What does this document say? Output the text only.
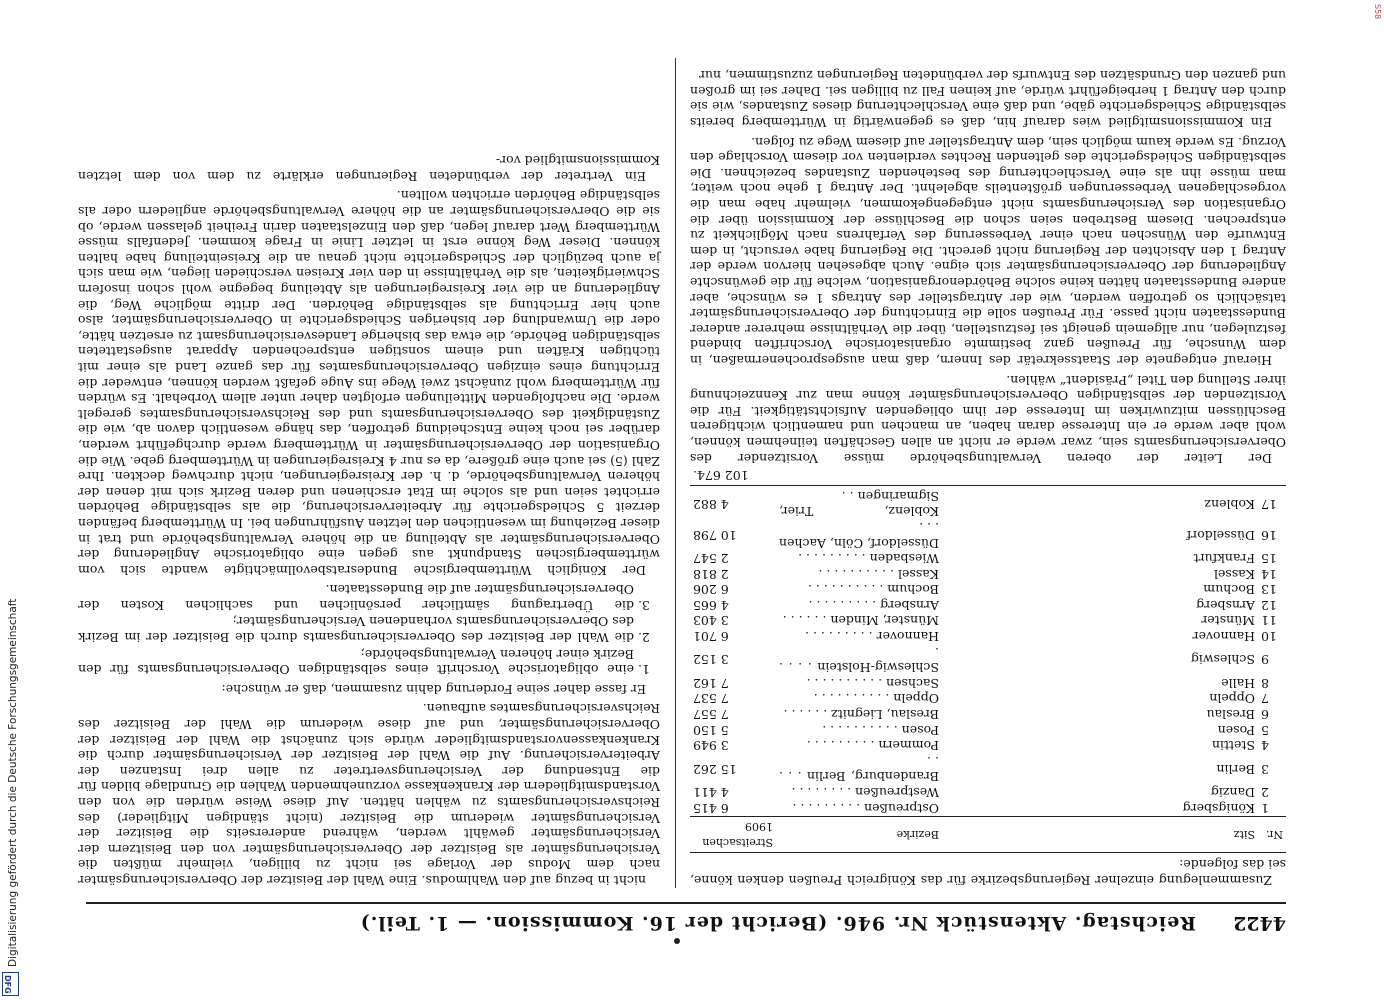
Digitalisierung gefördert durch die Deutsche Forschungsgemeinschaft
DFG
S58
4422
Reichstag. Aktenstück Nr. 946. (Bericht der 16. Kommission. — 1. Teil.)

Zusammenlegung einzelner Regierungsbezirke für das Königreich Preußen denken könne, sei das folgende:

Nr.	Sitz	Bezirke	Streitsachen 1909
1	Königsberg	Ostpreußen . . . . . . . . .	6 415
2	Danzig	Westpreußen . . . . . . . .	4 411
3	Berlin	Brandenburg, Berlin . . . . .	15 262
4	Stettin	Pommern . . . . . . . . .	3 949
5	Posen	Posen . . . . . . . . . .	5 150
6	Breslau	Breslau, Liegnitz . . . . . .	7 557
7	Oppeln	Oppeln . . . . . . . . . .	7 537
8	Halle	Sachsen . . . . . . . . . .	7 162
9	Schleswig	Schleswig-Holstein . . . . .	3 152
10	Hannover	Hannover . . . . . . . . .	6 701
11	Münster	Münster, Minden . . . . . .	3 403
12	Arnsberg	Arnsberg . . . . . . . . .	4 665
13	Bochum	Bochum . . . . . . . . . .	6 206
14	Kassel	Kassel . . . . . . . . . .	2 818
15	Frankfurt	Wiesbaden . . . . . . . . .	2 547
16	Düsseldorf	Düsseldorf, Cöln, Aachen . . .	10 798
17	Koblenz	Koblenz, Trier, Sigmaringen . .	4 882
102 674.

Der Leiter der oberen Verwaltungsbehörde müsse Vorsitzender des Oberversicherungsamts sein, zwar werde er nicht an allen Geschäften teilnehmen können, wohl aber werde er ein Interesse daran haben, an manchen und namentlich wichtigeren Beschlüssen mitzuwirken im Interesse der ihm obliegenden Aufsichtstätigkeit. Für die Vorsitzenden der selbständigen Oberversicherungsämter könne man zur Kennzeichnung ihrer Stellung den Titel „Präsident“ wählen.

Hierauf entgegnete der Staatssekretär des Innern, daß man ausgesprochenermaßen, in dem Wunsche, für Preußen ganz bestimmte organisatorische Vorschriften bindend festzulegen, nur allgemein geneigt sei festzustellen, über die Verhältnisse mehrerer anderer Bundesstaaten nicht passe. Für Preußen solle die Einrichtung der Oberversicherungsämter tatsächlich so getroffen werden, wie der Antragsteller des Antrags 1 es wünsche, aber andere Bundesstaaten hätten keine solche Behördenorganisation, welche für die gewünschte Angliederung der Oberversicherungsämter sich eigne. Auch abgesehen hiervon werde der Antrag 1 den Absichten der Regierung nicht gerecht. Die Regierung habe versucht, in dem Entwurfe den Wünschen nach einer Verbesserung des Verfahrens nach Möglichkeit zu entsprechen. Diesem Bestreben seien schon die Beschlüsse der Kommission über die Organisation des Versicherungsamts nicht entgegengekommen, vielmehr habe man die vorgeschlagenen Verbesserungen größtenteils abgelehnt. Der Antrag 1 gehe noch weiter, man müsse ihn als eine Verschlechterung des bestehenden Zustandes bezeichnen. Die selbständigen Schiedsgerichte des geltenden Rechtes verdienten vor diesem Vorschlage den Vorzug. Es werde kaum möglich sein, dem Antragsteller auf diesem Wege zu folgen.

Ein Kommissionsmitglied wies darauf hin, daß es gegenwärtig in Württemberg bereits selbständige Schiedsgerichte gäbe, und daß eine Verschlechterung dieses Zustandes, wie sie durch den Antrag 1 herbeigeführt würde, auf keinen Fall zu billigen sei. Daher sei im großen und ganzen den Grundsätzen des Entwurfs der verbündeten Regierungen zuzustimmen, nur

nicht in bezug auf den Wahlmodus. Eine Wahl der Beisitzer der Oberversicherungsämter nach dem Modus der Vorlage sei nicht zu billigen, vielmehr müßten die Versicherungsämter als Beisitzer der Oberversicherungsämter von den Beisitzern der Versicherungsämter gewählt werden, während andererseits die Beisitzer der Versicherungsämter wiederum die Beisitzer (nicht ständigen Mitglieder) des Reichsversicherungsamts zu wählen hätten. Auf diese Weise würden die von den Vorstandsmitgliedern der Krankenkasse vorzunehmenden Wahlen die Grundlage bilden für die Entsendung der Versicherungsvertreter zu allen drei Instanzen der Arbeiterversicherung. Auf die Wahl der Beisitzer der Versicherungsämter durch die Krankenkassenvorstandsmitglieder würde sich zunächst die Wahl der Beisitzer der Oberversicherungsämter, und auf diese wiederum die Wahl der Beisitzer des Reichsversicherungsamtes aufbauen.

Er fasse daher seine Forderung dahin zusammen, daß er wünsche:

1. eine obligatorische Vorschrift eines selbständigen Oberversicherungsamts für den Bezirk einer höheren Verwaltungsbehörde;
2. die Wahl der Beisitzer des Oberversicherungsamts durch die Beisitzer der im Bezirk des Oberversicherungsamts vorhandenen Versicherungsämter;
3. die Übertragung sämtlicher persönlichen und sachlichen Kosten der Oberversicherungsämter auf die Bundesstaaten.

Der Königlich Württembergische Bundesratsbevollmächtigte wandte sich vom württembergischen Standpunkt aus gegen eine obligatorische Angliederung der Oberversicherungsämter als Abteilung an die höhere Verwaltungsbehörde und trat in dieser Beziehung im wesentlichen den letzten Ausführungen bei. In Württemberg befänden derzeit 5 Schiedsgerichte für Arbeiterversicherung, die als selbständige Behörden errichtet seien und als solche im Etat erschienen und deren Bezirk sich mit denen der höheren Verwaltungsbehörde, d. h. der Kreisregierungen, nicht durchweg deckten. Ihre Zahl (5) sei auch eine größere, da es nur 4 Kreisregierungen in Württemberg gebe. Wie die Organisation der Oberversicherungsämter in Württemberg werde durchgeführt werden, darüber sei noch keine Entscheidung getroffen, das hänge wesentlich davon ab, wie die Zuständigkeit des Oberversicherungsamts und des Reichsversicherungsamtes geregelt werde. Die nachfolgenden Mitteilungen erfolgten daher unter allem Vorbehalt. Es würden für Württemberg wohl zunächst zwei Wege ins Auge gefaßt werden können, entweder die Errichtung eines einzigen Oberversicherungsamtes für das ganze Land als einer mit tüchtigen Kräften und einem sonstigen entsprechenden Apparat ausgestatteten selbständigen Behörde, die etwa das bisherige Landesversicherungsamt zu ersetzen hätte, oder die Umwandlung der bisherigen Schiedsgerichte in Oberversicherungsämter, also auch hier Errichtung als selbständige Behörden. Der dritte mögliche Weg, die Angliederung an die vier Kreisregierungen als Abteilung begegne wohl schon insofern Schwierigkeiten, als die Verhältnisse in den vier Kreisen verschieden liegen, wie man sich ja auch bezüglich der Schiedsgerichte nicht genau an die Kreiseinteilung habe halten können. Dieser Weg könne erst in letzter Linie in Frage kommen. Jedenfalls müsse Württemberg Wert darauf legen, daß den Einzelstaaten darin Freiheit gelassen werde, ob sie die Oberversicherungsämter an die höhere Verwaltungsbehörde angliedern oder als selbständige Behörden errichten wollten.

Ein Vertreter der verbündeten Regierungen erklärte zu dem von dem letzten Kommissionsmitglied vor-
